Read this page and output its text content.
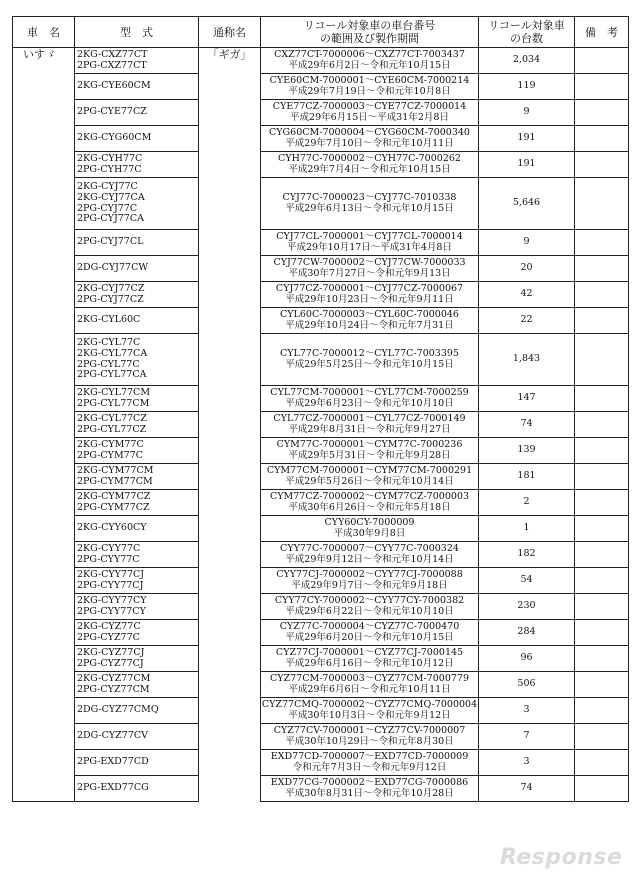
車　名	型　式	通称名	リコール対象車の車台番号
の範囲及び製作期間	リコール対象車
の台数	備　考
いすゞ	2KG-CXZ77CT
2PG-CXZ77CT	「ギガ」	CXZ77CT-7000006～CXZ77CT-7003437
平成29年6月2日～令和元年10月15日	2,034	

	2KG-CYE60CM		CYE60CM-7000001～CYE60CM-7000214
平成29年7月19日～令和元年10月8日	119	

	2PG-CYE77CZ		CYE77CZ-7000003～CYE77CZ-7000014
平成29年6月15日～平成31年2月8日	9	

	2KG-CYG60CM		CYG60CM-7000004～CYG60CM-7000340
平成29年7月10日～令和元年10月11日	191	

	2KG-CYH77C
2PG-CYH77C		CYH77C-7000002～CYH77C-7000262
平成29年7月4日～令和元年10月15日	191	

	2KG-CYJ77C
2KG-CYJ77CA
2PG-CYJ77C
2PG-CYJ77CA		CYJ77C-7000023～CYJ77C-7010338
平成29年6月13日～令和元年10月15日	5,646	

	2PG-CYJ77CL		CYJ77CL-7000001～CYJ77CL-7000014
平成29年10月17日～平成31年4月8日	9	

	2DG-CYJ77CW		CYJ77CW-7000002～CYJ77CW-7000033
平成30年7月27日～令和元年9月13日	20	

	2KG-CYJ77CZ
2PG-CYJ77CZ		CYJ77CZ-7000001～CYJ77CZ-7000067
平成29年10月23日～令和元年9月11日	42	

	2KG-CYL60C		CYL60C-7000003～CYL60C-7000046
平成29年10月24日～令和元年7月31日	22	

	2KG-CYL77C
2KG-CYL77CA
2PG-CYL77C
2PG-CYL77CA		CYL77C-7000012～CYL77C-7003395
平成29年5月25日～令和元年10月15日	1,843	

	2KG-CYL77CM
2PG-CYL77CM		CYL77CM-7000001～CYL77CM-7000259
平成29年6月23日～令和元年10月10日	147	

	2KG-CYL77CZ
2PG-CYL77CZ		CYL77CZ-7000001～CYL77CZ-7000149
平成29年8月31日～令和元年9月27日	74	

	2KG-CYM77C
2PG-CYM77C		CYM77C-7000001～CYM77C-7000236
平成29年5月31日～令和元年9月28日	139	

	2KG-CYM77CM
2PG-CYM77CM		CYM77CM-7000001～CYM77CM-7000291
平成29年5月26日～令和元年10月14日	181	

	2KG-CYM77CZ
2PG-CYM77CZ		CYM77CZ-7000002～CYM77CZ-7000003
平成30年6月26日～令和元年5月18日	2	

	2KG-CYY60CY		CYY60CY-7000009
平成30年9月8日	1	

	2KG-CYY77C
2PG-CYY77C		CYY77C-7000007～CYY77C-7000324
平成29年9月12日～令和元年10月14日	182	

	2KG-CYY77CJ
2PG-CYY77CJ		CYY77CJ-7000002～CYY77CJ-7000088
平成29年9月7日～令和元年9月18日	54	

	2KG-CYY77CY
2PG-CYY77CY		CYY77CY-7000002～CYY77CY-7000382
平成29年6月22日～令和元年10月10日	230	

	2KG-CYZ77C
2PG-CYZ77C		CYZ77C-7000004～CYZ77C-7000470
平成29年6月20日～令和元年10月15日	284	

	2KG-CYZ77CJ
2PG-CYZ77CJ		CYZ77CJ-7000001～CYZ77CJ-7000145
平成29年6月16日～令和元年10月12日	96	

	2KG-CYZ77CM
2PG-CYZ77CM		CYZ77CM-7000003～CYZ77CM-7000779
平成29年6月6日～令和元年10月11日	506	

	2DG-CYZ77CMQ		CYZ77CMQ-7000002～CYZ77CMQ-7000004
平成30年10月3日～令和元年9月12日	3	

	2DG-CYZ77CV		CYZ77CV-7000001～CYZ77CV-7000007
平成30年10月29日～令和元年8月30日	7	

	2PG-EXD77CD		EXD77CD-7000007～EXD77CD-7000009
令和元年7月3日～令和元年9月12日	3	

	2PG-EXD77CG		EXD77CG-7000002～EXD77CG-7000086
平成30年8月31日～令和元年10月28日	74	
Response
